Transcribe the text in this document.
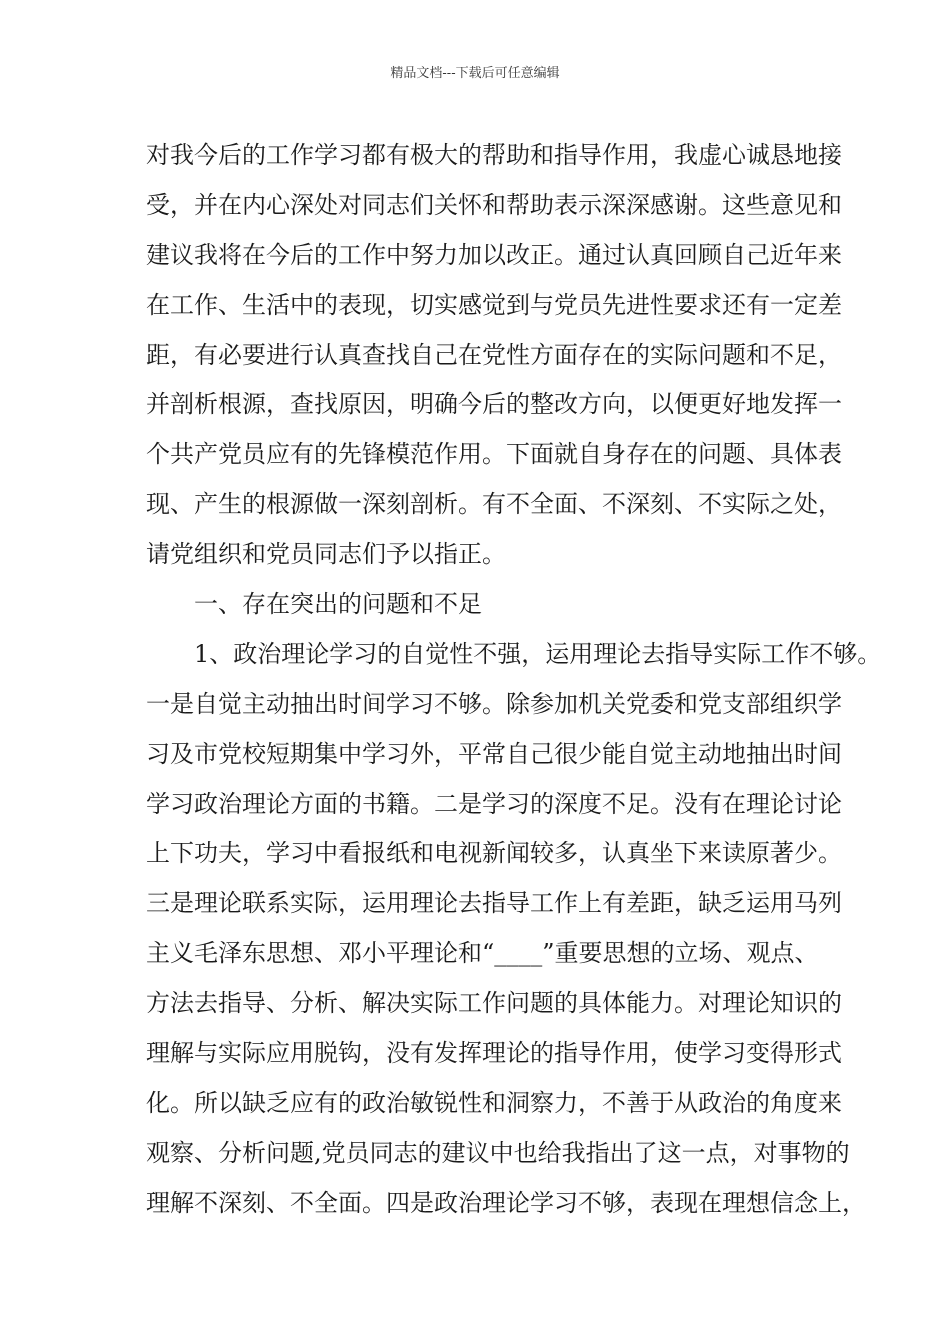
精品文档---下载后可任意编辑
对我今后的工作学习都有极大的帮助和指导作用，我虚心诚恳地接
受，并在内心深处对同志们关怀和帮助表示深深感谢。这些意见和
建议我将在今后的工作中努力加以改正。通过认真回顾自己近年来
在工作、生活中的表现，切实感觉到与党员先进性要求还有一定差
距，有必要进行认真查找自己在党性方面存在的实际问题和不足，
并剖析根源，查找原因，明确今后的整改方向，以便更好地发挥一
个共产党员应有的先锋模范作用。下面就自身存在的问题、具体表
现、产生的根源做一深刻剖析。有不全面、不深刻、不实际之处，
请党组织和党员同志们予以指正。
一、存在突出的问题和不足
1、政治理论学习的自觉性不强，运用理论去指导实际工作不够。
一是自觉主动抽出时间学习不够。除参加机关党委和党支部组织学
习及市党校短期集中学习外，平常自己很少能自觉主动地抽出时间
学习政治理论方面的书籍。二是学习的深度不足。没有在理论讨论
上下功夫，学习中看报纸和电视新闻较多，认真坐下来读原著少。
三是理论联系实际，运用理论去指导工作上有差距，缺乏运用马列
主义毛泽东思想、邓小平理论和“____”重要思想的立场、观点、
方法去指导、分析、解决实际工作问题的具体能力。对理论知识的
理解与实际应用脱钩，没有发挥理论的指导作用，使学习变得形式
化。所以缺乏应有的政治敏锐性和洞察力，不善于从政治的角度来
观察、分析问题,党员同志的建议中也给我指出了这一点，对事物的
理解不深刻、不全面。四是政治理论学习不够，表现在理想信念上，
